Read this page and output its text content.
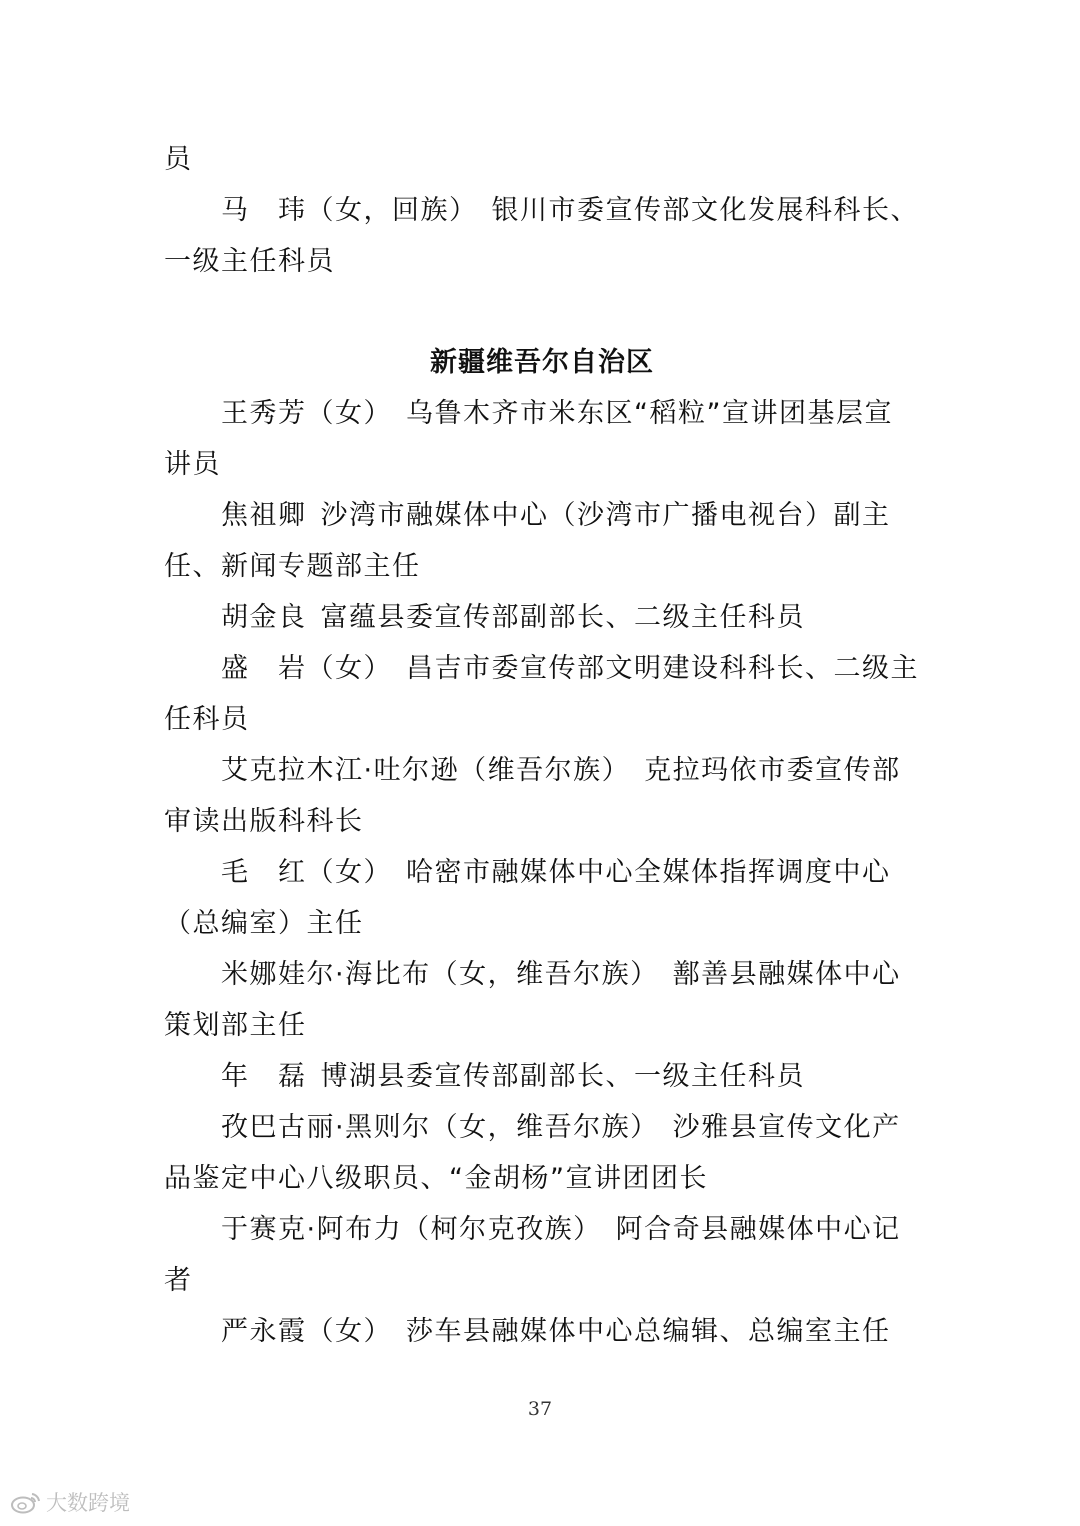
员

马　玮（女，回族） 银川市委宣传部文化发展科科长、一级主任科员

新疆维吾尔自治区

王秀芳（女） 乌鲁木齐市米东区“稻粒”宣讲团基层宣讲员

焦祖卿 沙湾市融媒体中心（沙湾市广播电视台）副主任、新闻专题部主任

胡金良 富蕴县委宣传部副部长、二级主任科员

盛　岩（女） 昌吉市委宣传部文明建设科科长、二级主任科员

艾克拉木江·吐尔逊（维吾尔族） 克拉玛依市委宣传部审读出版科科长

毛　红（女） 哈密市融媒体中心全媒体指挥调度中心（总编室）主任

米娜娃尔·海比布（女，维吾尔族） 鄯善县融媒体中心策划部主任

年　磊 博湖县委宣传部副部长、一级主任科员

孜巴古丽·黑则尔（女，维吾尔族） 沙雅县宣传文化产品鉴定中心八级职员、“金胡杨”宣讲团团长

于赛克·阿布力（柯尔克孜族） 阿合奇县融媒体中心记者

严永霞（女） 莎车县融媒体中心总编辑、总编室主任

37
大数跨境
